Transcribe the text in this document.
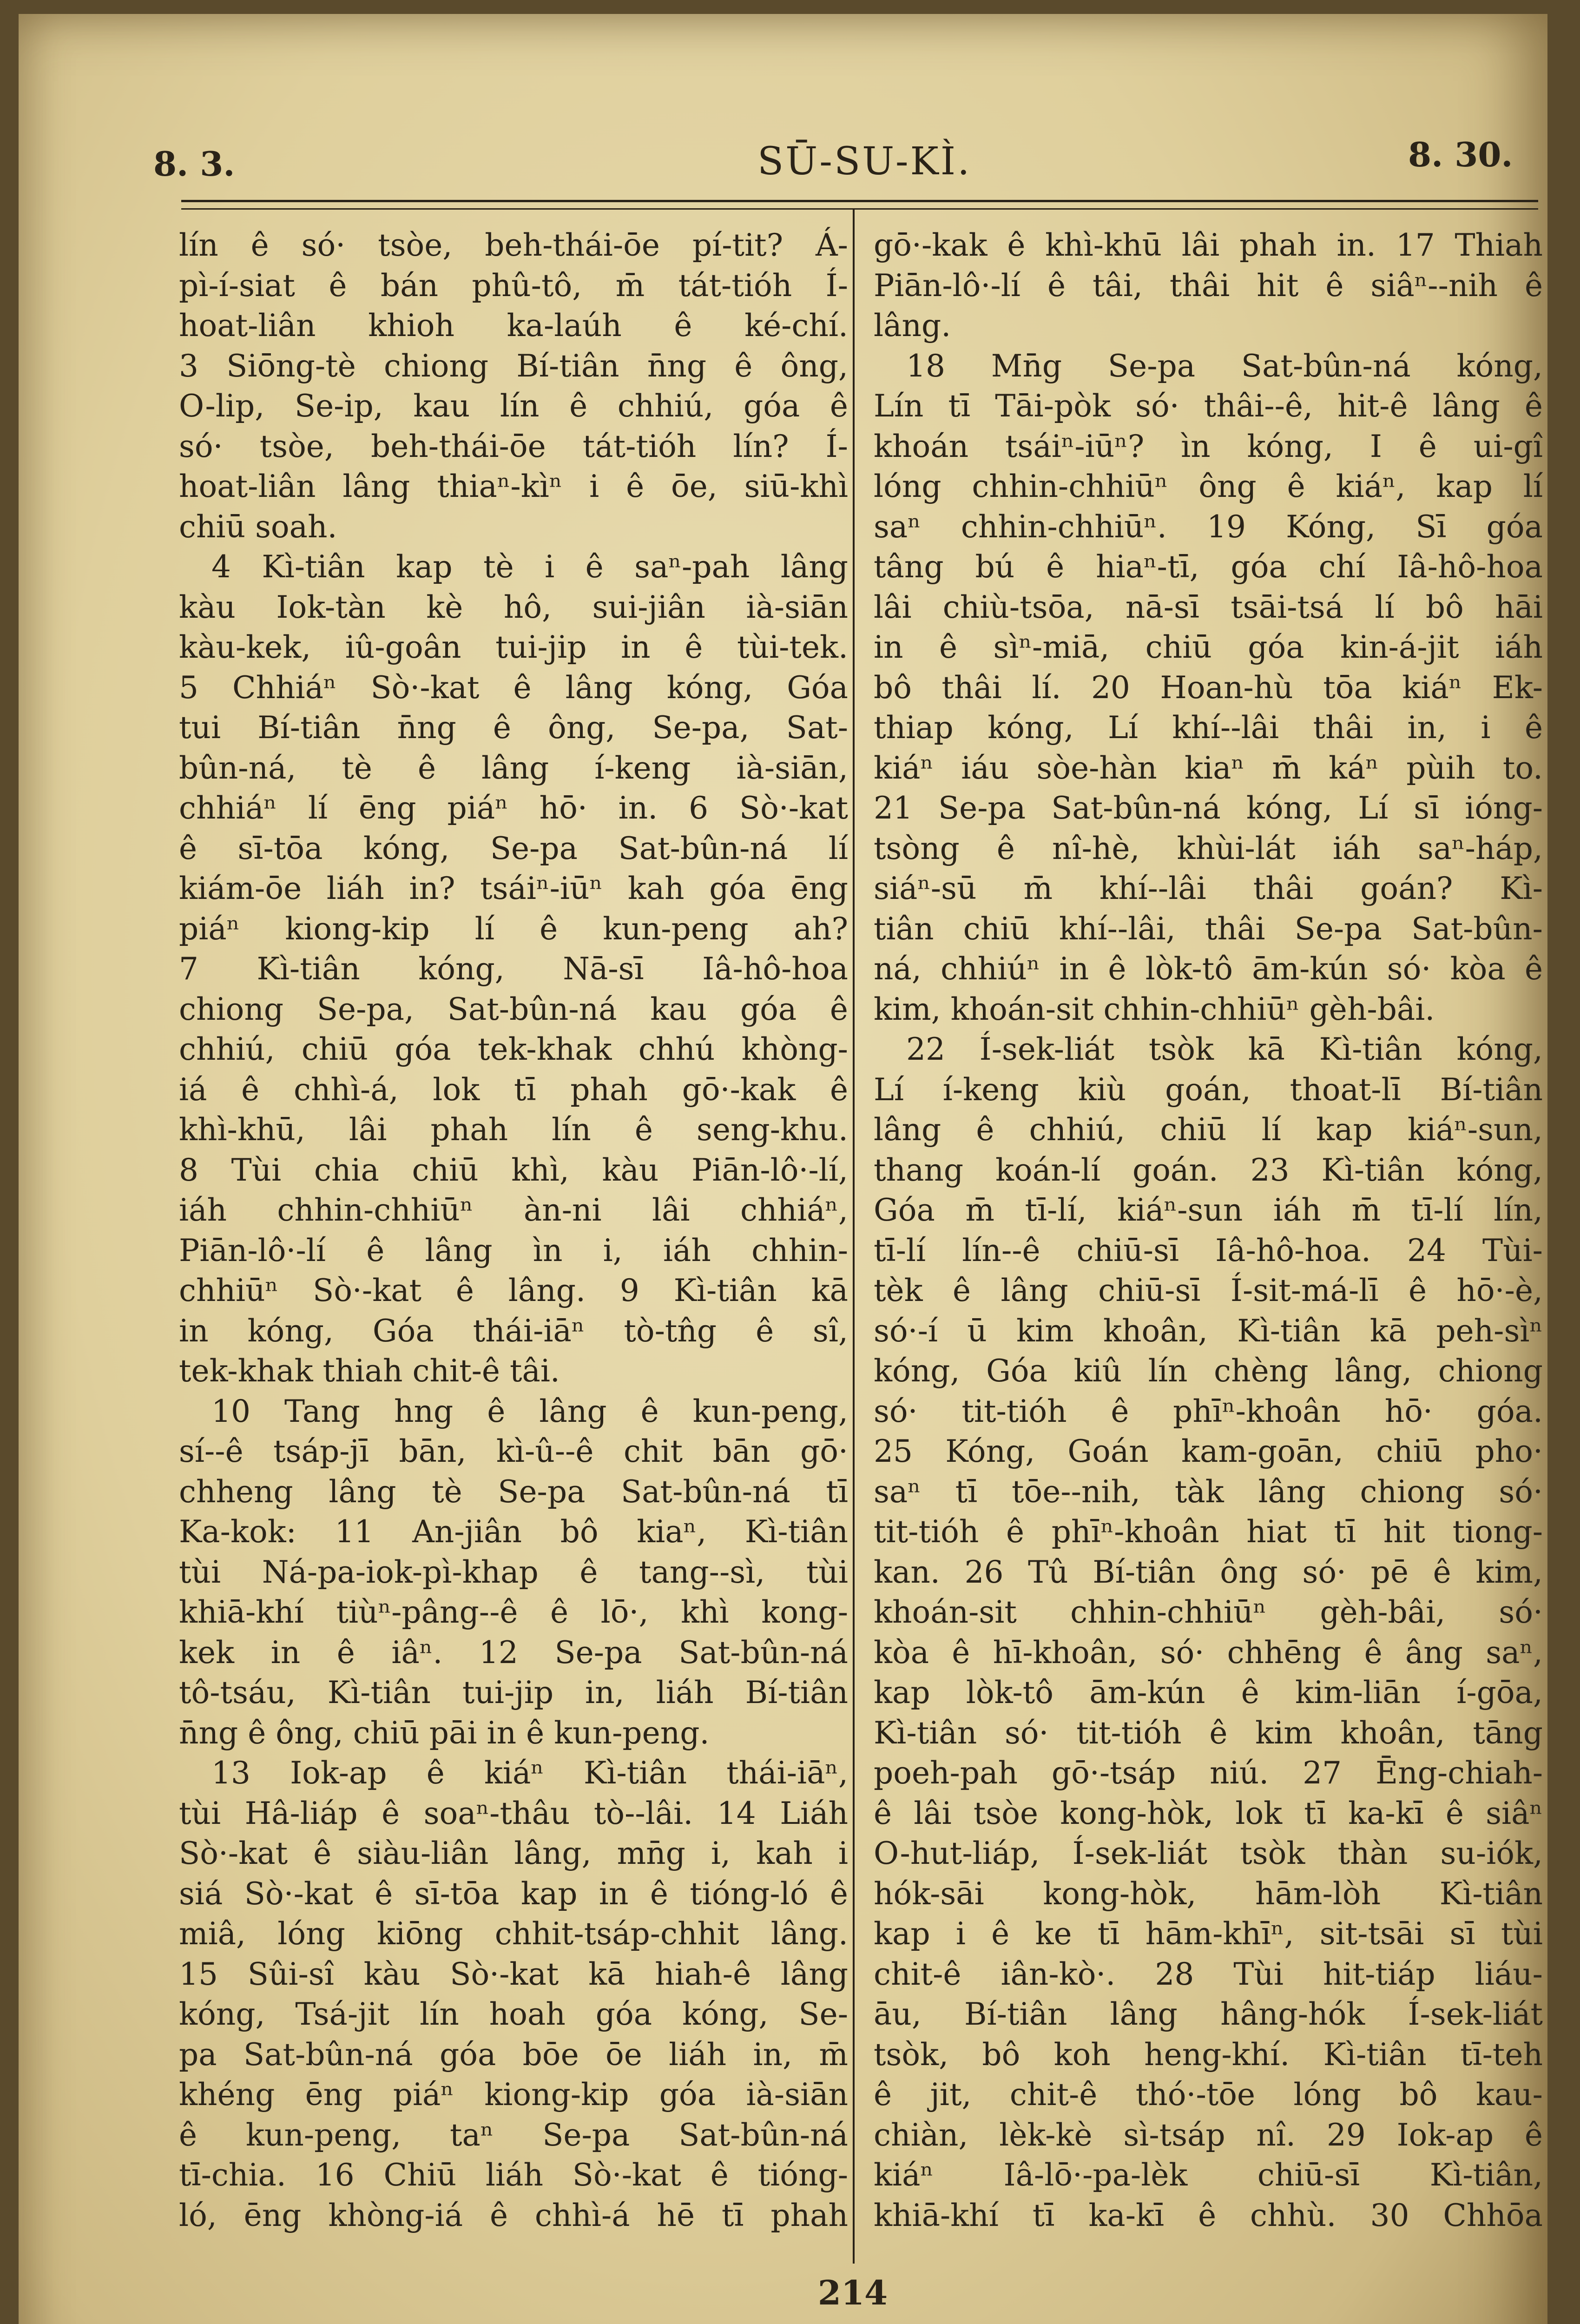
8. 3.	SŪ-SU-KÌ.	8. 30.
lín ê só· tsòe, beh-thái-ōe pí-tit? Á-
pì-í-siat ê bán phû-tô, m̄ tát-tióh Í-
hoat-liân khioh ka-laúh ê ké-chí.
3 Siōng-tè chiong Bí-tiân n̄ng ê ông,
O-lip, Se-ip, kau lín ê chhiú, góa ê
só· tsòe, beh-thái-ōe tát-tióh lín? Í-
hoat-liân lâng thiaⁿ-kìⁿ i ê ōe, siū-khì
chiū soah.
4 Kì-tiân kap tè i ê saⁿ-pah lâng
kàu Iok-tàn kè hô, sui-jiân ià-siān
kàu-kek, iû-goân tui-jip in ê tùi-tek.
5 Chhiáⁿ Sò·-kat ê lâng kóng, Góa
tui Bí-tiân n̄ng ê ông, Se-pa, Sat-
bûn-ná, tè ê lâng í-keng ià-siān,
chhiáⁿ lí ēng piáⁿ hō· in. 6 Sò·-kat
ê sī-tōa kóng, Se-pa Sat-bûn-ná lí
kiám-ōe liáh in? tsáiⁿ-iūⁿ kah góa ēng
piáⁿ kiong-kip lí ê kun-peng ah?
7 Kì-tiân kóng, Nā-sī Iâ-hô-hoa
chiong Se-pa, Sat-bûn-ná kau góa ê
chhiú, chiū góa tek-khak chhú khòng-
iá ê chhì-á, lok tī phah gō·-kak ê
khì-khū, lâi phah lín ê seng-khu.
8 Tùi chia chiū khì, kàu Piān-lô·-lí,
iáh chhin-chhiūⁿ àn-ni lâi chhiáⁿ,
Piān-lô·-lí ê lâng ìn i, iáh chhin-
chhiūⁿ Sò·-kat ê lâng. 9 Kì-tiân kā
in kóng, Góa thái-iāⁿ tò-tn̂g ê sî,
tek-khak thiah chit-ê tâi.
10 Tang hng ê lâng ê kun-peng,
sí--ê tsáp-jī bān, kì-û--ê chit bān gō·
chheng lâng tè Se-pa Sat-bûn-ná tī
Ka-kok: 11 An-jiân bô kiaⁿ, Kì-tiân
tùi Ná-pa-iok-pì-khap ê tang--sì, tùi
khiā-khí tiùⁿ-pâng--ê ê lō·, khì kong-
kek in ê iâⁿ. 12 Se-pa Sat-bûn-ná
tô-tsáu, Kì-tiân tui-jip in, liáh Bí-tiân
n̄ng ê ông, chiū pāi in ê kun-peng.
13 Iok-ap ê kiáⁿ Kì-tiân thái-iāⁿ,
tùi Hâ-liáp ê soaⁿ-thâu tò--lâi. 14 Liáh
Sò·-kat ê siàu-liân lâng, mn̄g i, kah i
siá Sò·-kat ê sī-tōa kap in ê tióng-ló ê
miâ, lóng kiōng chhit-tsáp-chhit lâng.
15 Sûi-sî kàu Sò·-kat kā hiah-ê lâng
kóng, Tsá-jit lín hoah góa kóng, Se-
pa Sat-bûn-ná góa bōe ōe liáh in, m̄
khéng ēng piáⁿ kiong-kip góa ià-siān
ê kun-peng, taⁿ Se-pa Sat-bûn-ná
tī-chia. 16 Chiū liáh Sò·-kat ê tióng-
ló, ēng khòng-iá ê chhì-á hē tī phah
gō·-kak ê khì-khū lâi phah in. 17 Thiah
Piān-lô·-lí ê tâi, thâi hit ê siâⁿ--nih ê
lâng.
18 Mn̄g Se-pa Sat-bûn-ná kóng,
Lín tī Tāi-pòk só· thâi--ê, hit-ê lâng ê
khoán tsáiⁿ-iūⁿ? ìn kóng, I ê ui-gî
lóng chhin-chhiūⁿ ông ê kiáⁿ, kap lí
saⁿ chhin-chhiūⁿ. 19 Kóng, Sī góa
tâng bú ê hiaⁿ-tī, góa chí Iâ-hô-hoa
lâi chiù-tsōa, nā-sī tsāi-tsá lí bô hāi
in ê sìⁿ-miā, chiū góa kin-á-jit iáh
bô thâi lí. 20 Hoan-hù tōa kiáⁿ Ek-
thiap kóng, Lí khí--lâi thâi in, i ê
kiáⁿ iáu sòe-hàn kiaⁿ m̄ káⁿ pùih to.
21 Se-pa Sat-bûn-ná kóng, Lí sī ióng-
tsòng ê nî-hè, khùi-lát iáh saⁿ-háp,
siáⁿ-sū m̄ khí--lâi thâi goán? Kì-
tiân chiū khí--lâi, thâi Se-pa Sat-bûn-
ná, chhiúⁿ in ê lòk-tô ām-kún só· kòa ê
kim, khoán-sit chhin-chhiūⁿ gèh-bâi.
22 Í-sek-liát tsòk kā Kì-tiân kóng,
Lí í-keng kiù goán, thoat-lī Bí-tiân
lâng ê chhiú, chiū lí kap kiáⁿ-sun,
thang koán-lí goán. 23 Kì-tiân kóng,
Góa m̄ tī-lí, kiáⁿ-sun iáh m̄ tī-lí lín,
tī-lí lín--ê chiū-sī Iâ-hô-hoa. 24 Tùi-
tèk ê lâng chiū-sī Í-sit-má-lī ê hō·-è,
só·-í ū kim khoân, Kì-tiân kā peh-sìⁿ
kóng, Góa kiû lín chèng lâng, chiong
só· tit-tióh ê phīⁿ-khoân hō· góa.
25 Kóng, Goán kam-goān, chiū pho·
saⁿ tī tōe--nih, tàk lâng chiong só·
tit-tióh ê phīⁿ-khoân hiat tī hit tiong-
kan. 26 Tû Bí-tiân ông só· pē ê kim,
khoán-sit chhin-chhiūⁿ gèh-bâi, só·
kòa ê hī-khoân, só· chhēng ê âng saⁿ,
kap lòk-tô ām-kún ê kim-liān í-gōa,
Kì-tiân só· tit-tióh ê kim khoân, tāng
poeh-pah gō·-tsáp niú. 27 Ēng-chiah-
ê lâi tsòe kong-hòk, lok tī ka-kī ê siâⁿ
O-hut-liáp, Í-sek-liát tsòk thàn su-iók,
hók-sāi kong-hòk, hām-lòh Kì-tiân
kap i ê ke tī hām-khīⁿ, sit-tsāi sī tùi
chit-ê iân-kò·. 28 Tùi hit-tiáp liáu-
āu, Bí-tiân lâng hâng-hók Í-sek-liát
tsòk, bô koh heng-khí. Kì-tiân tī-teh
ê jit, chit-ê thó·-tōe lóng bô kau-
chiàn, lèk-kè sì-tsáp nî. 29 Iok-ap ê
kiáⁿ Iâ-lō·-pa-lèk chiū-sī Kì-tiân,
khiā-khí tī ka-kī ê chhù. 30 Chhōa
214
